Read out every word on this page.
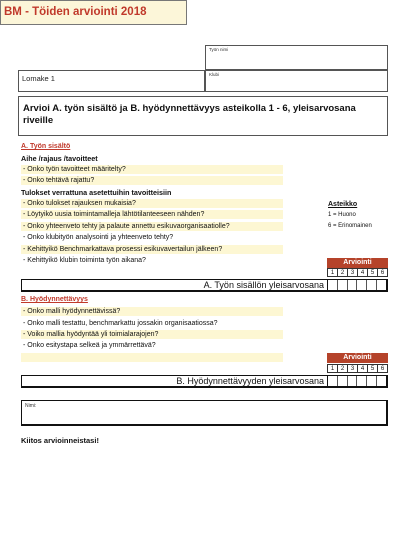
BM - Töiden arviointi 2018
Työn nimi
Lomake 1	Klubi
Arvioi A. työn sisältö ja B. hyödynnettävyys asteikolla 1 - 6, yleisarvosana riveille
A. Työn sisältö
Aihe /rajaus /tavoitteet
- Onko työn tavoitteet määritelty?
- Onko tehtävä rajattu?
Tulokset verrattuna asetettuihin tavoitteisiin
- Onko tulokset rajauksen mukaisia?
- Löytyikö uusia toimintamalleja lähtötilanteeseen nähden?
- Onko yhteenveto tehty ja palaute annettu esikuvaorganisaatiolle?
- Onko klubityön analysointi ja yhteenveto tehty?
- Kehittyikö Benchmarkattava prosessi esikuvavertailun jälkeen?
- Kehittyikö klubin toiminta työn aikana?
Asteikko
1 = Huono
6 = Erinomainen
Arviointi
1	2	3	4	5	6
A. Työn sisällön yleisarvosana
B. Hyödynnettävyys
- Onko malli hyödynnettävissä?
- Onko malli testattu, benchmarkattu jossakin organisaatiossa?
- Voiko mallia hyödyntää yli toimialarajojen?
- Onko esitystapa selkeä ja ymmärrettävä?
Arviointi
1	2	3	4	5	6
B. Hyödynnettävyyden yleisarvosana
Nimi:
Kiitos arvioinneistasi!
